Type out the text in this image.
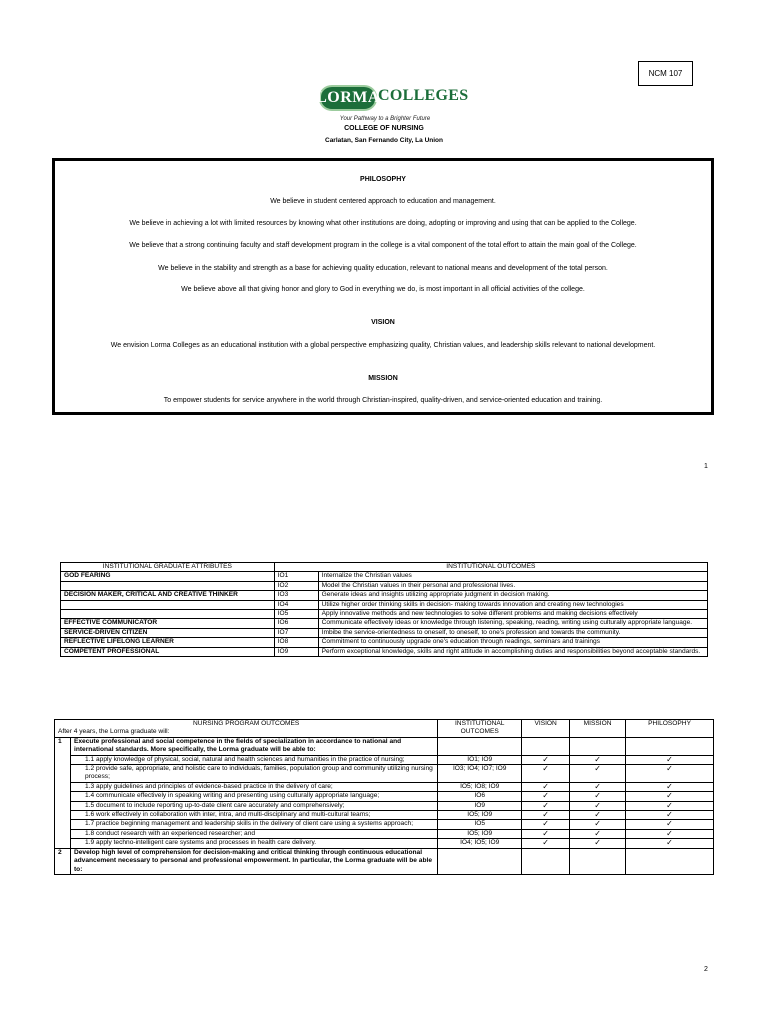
NCM 107
LORMA
COLLEGES
Your Pathway to a Brighter Future
COLLEGE OF NURSING
Carlatan, San Fernando City, La Union
PHILOSOPHY
We believe in student centered approach to education and management.
We believe in achieving a lot with limited resources by knowing what other institutions are doing, adopting or improving and using that can be applied to the College.
We believe that a strong continuing faculty and staff development program in the college is a vital component of the total effort to attain the main goal of the College.
We believe in the stability and strength as a base for achieving quality education, relevant to national means and development of the total person.
We believe above all that giving honor and glory to God in everything we do, is most important in all official activities of the college.
VISION
We envision Lorma Colleges as an educational institution with a global perspective emphasizing quality, Christian values, and leadership skills relevant to national development.
MISSION
To empower students for service anywhere in the world through Christian-inspired, quality-driven, and service-oriented education and training.
1
INSTITUTIONAL GRADUATE ATTRIBUTES	INSTITUTIONAL OUTCOMES	
GOD FEARING	IO1	Internalize the Christian values
	IO2	Model the Christian values in their personal and professional lives.
DECISION MAKER, CRITICAL AND CREATIVE THINKER	IO3	Generate ideas and insights utilizing appropriate judgment in decision making.
	IO4	Utilize higher order thinking skills in decision- making towards innovation and creating new technologies
	IO5	Apply innovative methods and new technologies to solve different problems and making decisions effectively
EFFECTIVE COMMUNICATOR	IO6	Communicate effectively ideas or knowledge through listening, speaking, reading, writing using culturally appropriate language.
SERVICE-DRIVEN CITIZEN	IO7	Imbibe the service-orientedness to oneself, to oneself, to one's profession and towards the community.
REFLECTIVE LIFELONG LEARNER	IO8	Commitment to continuously upgrade one's education through readings, seminars and trainings
COMPETENT PROFESSIONAL	IO9	Perform exceptional knowledge, skills and right attitude in accomplishing duties and responsibilities beyond acceptable standards.
NURSING PROGRAM OUTCOMES
After 4 years, the Lorma graduate will:		INSTITUTIONAL OUTCOMES	VISION	MISSION	PHILOSOPHY
1	Execute professional and social competence in the fields of specialization in accordance to national and international standards. More specifically, the Lorma graduate will be able to:				
	1.1 apply knowledge of physical, social, natural and health sciences and humanities in the practice of nursing;	IO1; IO9	✓	✓	✓
	1.2 provide safe, appropriate, and holistic care to individuals, families, population group and community utilizing nursing process;	IO3; IO4; IO7; IO9	✓	✓	✓
	1.3 apply guidelines and principles of evidence-based practice in the delivery of care;	IO5; IO8; IO9	✓	✓	✓
	1.4 communicate effectively in speaking writing and presenting using culturally appropriate language;	IO6	✓	✓	✓
	1.5 document to include reporting up-to-date client care accurately and comprehensively;	IO9	✓	✓	✓
	1.6 work effectively in collaboration with inter, intra, and multi-disciplinary and multi-cultural teams;	IO5; IO9	✓	✓	✓
	1.7 practice beginning management and leadership skills in the delivery of client care using a systems approach;	IO5	✓	✓	✓
	1.8 conduct research with an experienced researcher; and	IO5; IO9	✓	✓	✓
	1.9 apply techno-intelligent care systems and processes in health care delivery.	IO4; IO5; IO9	✓	✓	✓
2	Develop high level of comprehension for decision-making and critical thinking through continuous educational advancement necessary to personal and professional empowerment. In particular, the Lorma graduate will be able to:				
2
